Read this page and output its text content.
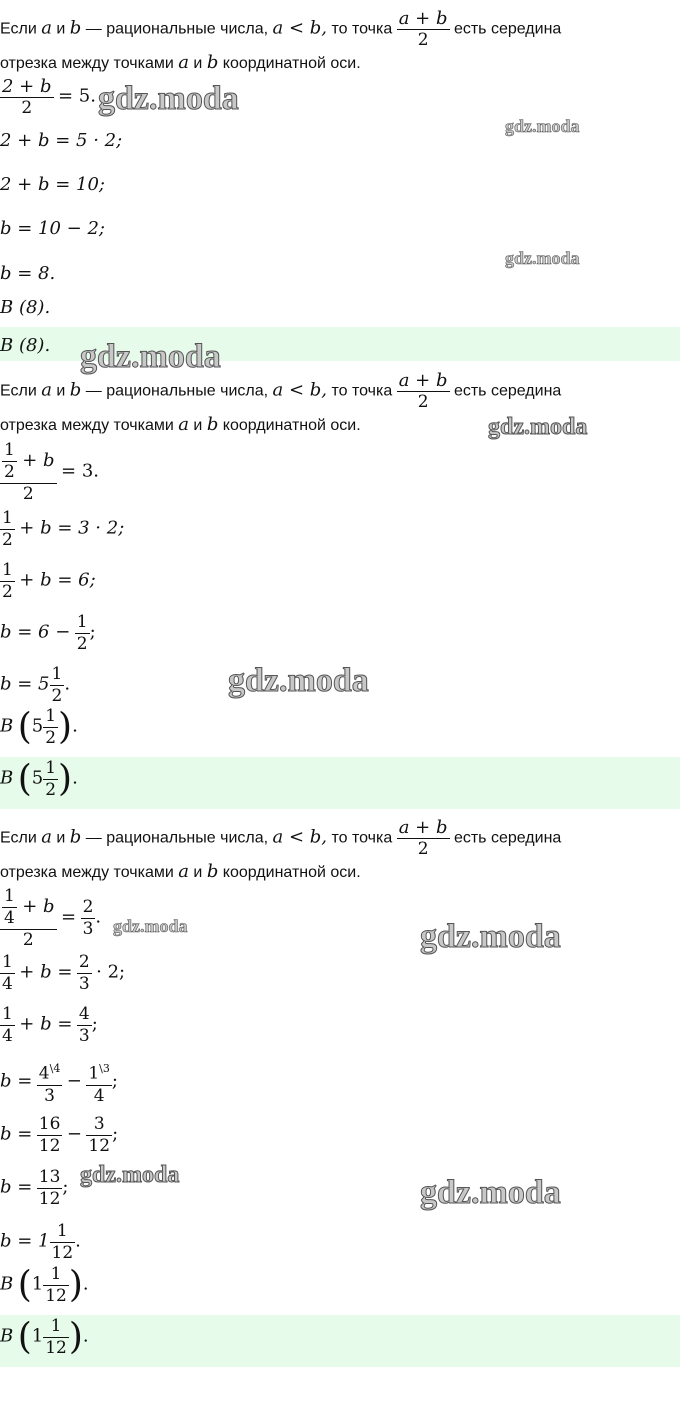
Если a и b — рациональные числа, a < b, то точка $\frac{a + b}{2}$ есть середина
отрезка между точками a и b координатной оси.
$\frac{2 + b}{2} = 5$.
2 + b = 5 · 2;
2 + b = 10;
b = 10 − 2;
b = 8.
B (8).
B (8).
Если a и b — рациональные числа, a < b, то точка $\frac{a + b}{2}$ есть середина
отрезка между точками a и b координатной оси.
$\frac{\frac{1}{2} + b}{2} = 3$.
$\frac{1}{2} + b = 3 \cdot 2$;
$\frac{1}{2} + b = 6$;
$b = 6 - \frac{1}{2}$ ;
$b = 5 \frac{1}{2}$ .
B ($5 \frac{1}{2}$ ).
B ($5 \frac{1}{2}$ ).
Если a и b — рациональные числа, a < b, то точка $\frac{a + b}{2}$ есть середина
отрезка между точками a и b координатной оси.
$\frac{\frac{1}{4} + b}{2} = \frac{2}{3}$ .
$\frac{1}{4} + b = \frac{2}{3} \cdot 2$;
$\frac{1}{4} + b = \frac{4}{3}$ ;
$b = \frac{4^{\backslash 4}}{3} - \frac{1^{\backslash 3}}{4}$ ;
$b = \frac{16}{12} - \frac{3}{12}$ ;
$b = \frac{13}{12}$ ;
$b = 1 \frac{1}{12}$ .
B ($1 \frac{1}{12}$ ).
B ($1 \frac{1}{12}$ ).
gdz.moda
gdz.moda
gdz.moda
gdz.moda
gdz.moda
gdz.moda
gdz.moda	gdz.moda
gdz.moda	gdz.moda
